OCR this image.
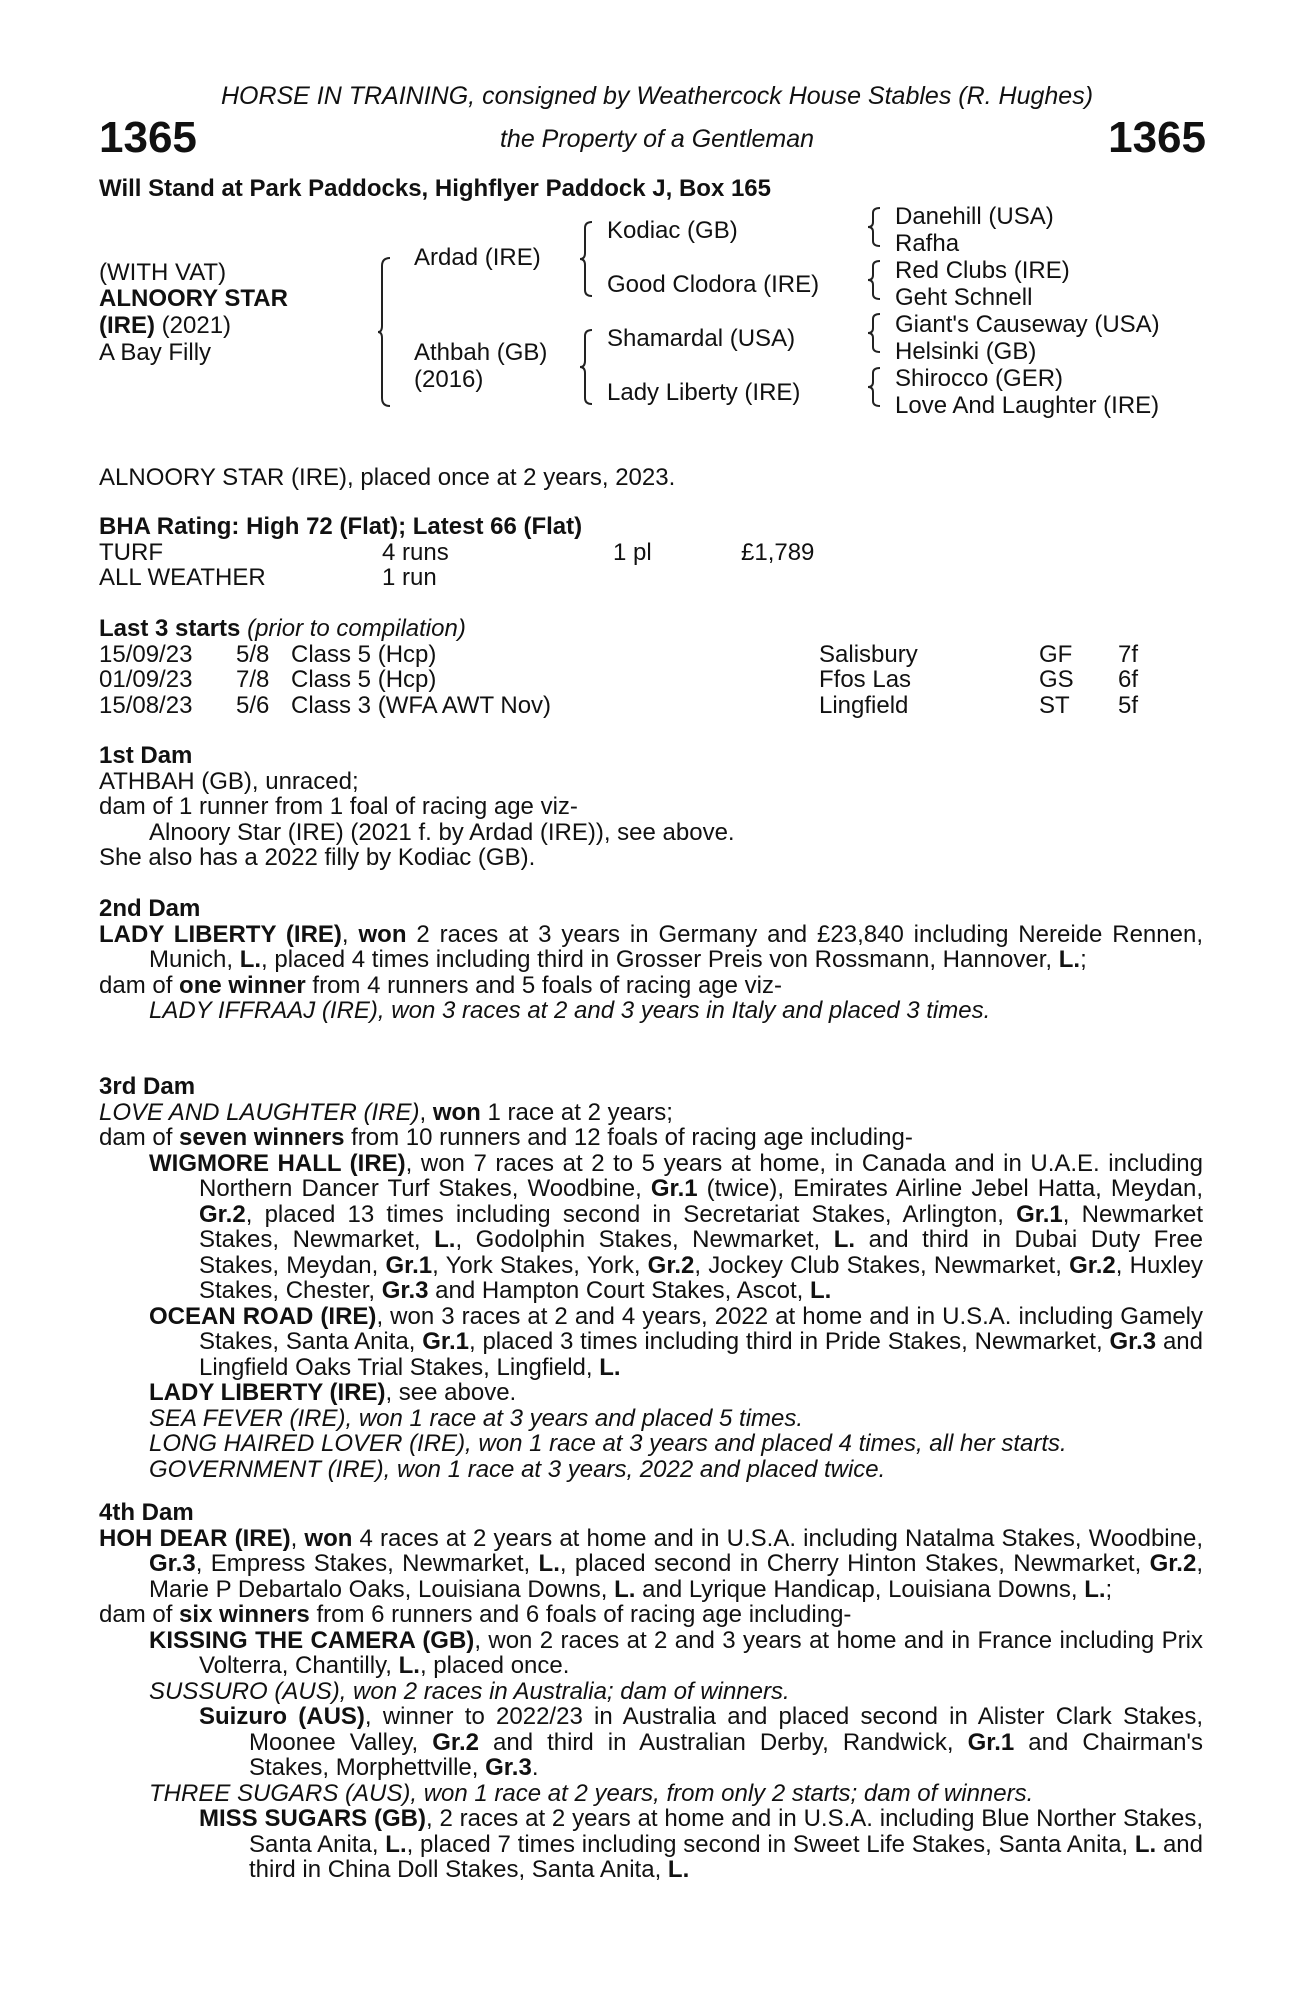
HORSE IN TRAINING, consigned by Weathercock House Stables (R. Hughes)
1365	the Property of a Gentleman	1365
Will Stand at Park Paddocks, Highflyer Paddock J, Box 165
(WITH VAT)
ALNOORY STAR
(IRE) (2021)
A Bay Filly
Ardad (IRE)
Athbah (GB)
(2016)
Kodiac (GB)
Good Clodora (IRE)
Shamardal (USA)
Lady Liberty (IRE)
Danehill (USA)
Rafha
Red Clubs (IRE)
Geht Schnell
Giant's Causeway (USA)
Helsinki (GB)
Shirocco (GER)
Love And Laughter (IRE)
ALNOORY STAR (IRE), placed once at 2 years, 2023.
BHA Rating: High 72 (Flat); Latest 66 (Flat)
TURF	4 runs	1 pl	£1,789
ALL WEATHER	1 run
Last 3 starts (prior to compilation)
15/09/23 5/8 Class 5 (Hcp)	Salisbury	GF 7f
01/09/23 7/8 Class 5 (Hcp)	Ffos Las	GS 6f
15/08/23 5/6 Class 3 (WFA AWT Nov)	Lingfield	ST 5f
1st Dam
ATHBAH (GB), unraced;
dam of 1 runner from 1 foal of racing age viz-
Alnoory Star (IRE) (2021 f. by Ardad (IRE)), see above.
She also has a 2022 filly by Kodiac (GB).
2nd Dam
LADY LIBERTY (IRE), won 2 races at 3 years in Germany and £23,840 including Nereide Rennen, Munich, L., placed 4 times including third in Grosser Preis von Rossmann, Hannover, L.;
dam of one winner from 4 runners and 5 foals of racing age viz-
LADY IFFRAAJ (IRE), won 3 races at 2 and 3 years in Italy and placed 3 times.
3rd Dam
LOVE AND LAUGHTER (IRE), won 1 race at 2 years;
dam of seven winners from 10 runners and 12 foals of racing age including-
WIGMORE HALL (IRE), won 7 races at 2 to 5 years at home, in Canada and in U.A.E. including Northern Dancer Turf Stakes, Woodbine, Gr.1 (twice), Emirates Airline Jebel Hatta, Meydan, Gr.2, placed 13 times including second in Secretariat Stakes, Arlington, Gr.1, Newmarket Stakes, Newmarket, L., Godolphin Stakes, Newmarket, L. and third in Dubai Duty Free Stakes, Meydan, Gr.1, York Stakes, York, Gr.2, Jockey Club Stakes, Newmarket, Gr.2, Huxley Stakes, Chester, Gr.3 and Hampton Court Stakes, Ascot, L.
OCEAN ROAD (IRE), won 3 races at 2 and 4 years, 2022 at home and in U.S.A. including Gamely Stakes, Santa Anita, Gr.1, placed 3 times including third in Pride Stakes, Newmarket, Gr.3 and Lingfield Oaks Trial Stakes, Lingfield, L.
LADY LIBERTY (IRE), see above.
SEA FEVER (IRE), won 1 race at 3 years and placed 5 times.
LONG HAIRED LOVER (IRE), won 1 race at 3 years and placed 4 times, all her starts.
GOVERNMENT (IRE), won 1 race at 3 years, 2022 and placed twice.
4th Dam
HOH DEAR (IRE), won 4 races at 2 years at home and in U.S.A. including Natalma Stakes, Woodbine, Gr.3, Empress Stakes, Newmarket, L., placed second in Cherry Hinton Stakes, Newmarket, Gr.2, Marie P Debartalo Oaks, Louisiana Downs, L. and Lyrique Handicap, Louisiana Downs, L.;
dam of six winners from 6 runners and 6 foals of racing age including-
KISSING THE CAMERA (GB), won 2 races at 2 and 3 years at home and in France including Prix Volterra, Chantilly, L., placed once.
SUSSURO (AUS), won 2 races in Australia; dam of winners.
Suizuro (AUS), winner to 2022/23 in Australia and placed second in Alister Clark Stakes, Moonee Valley, Gr.2 and third in Australian Derby, Randwick, Gr.1 and Chairman's Stakes, Morphettville, Gr.3.
THREE SUGARS (AUS), won 1 race at 2 years, from only 2 starts; dam of winners.
MISS SUGARS (GB), 2 races at 2 years at home and in U.S.A. including Blue Norther Stakes, Santa Anita, L., placed 7 times including second in Sweet Life Stakes, Santa Anita, L. and third in China Doll Stakes, Santa Anita, L.
